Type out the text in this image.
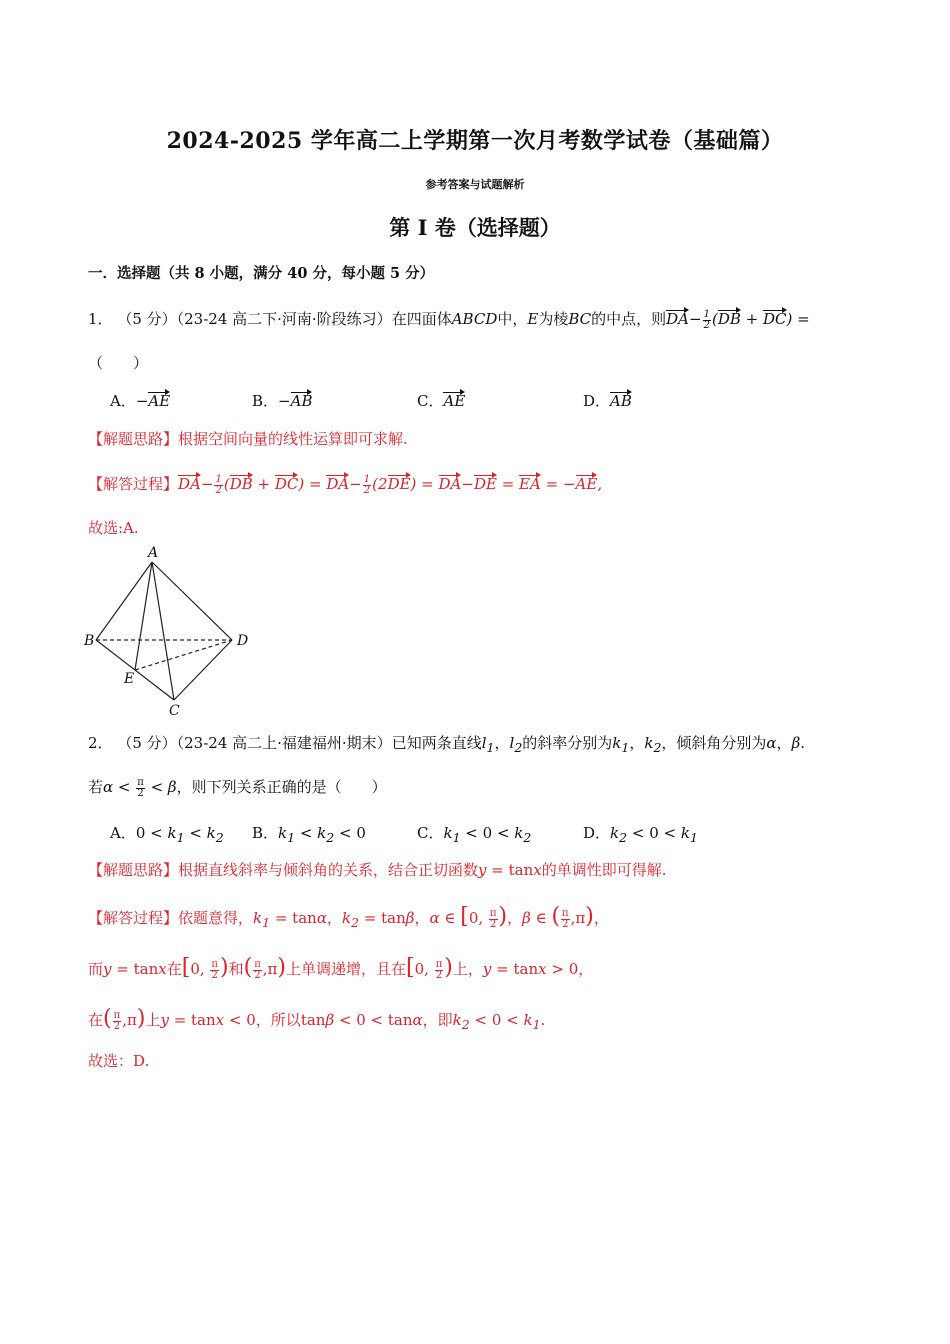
2024-2025 学年高二上学期第一次月考数学试卷（基础篇）
参考答案与试题解析
第 I 卷（选择题）
一．选择题（共 8 小题，满分 40 分，每小题 5 分）
1． （5 分）（23-24 高二下·河南·阶段练习）在四面体ABCD中，E为棱BC的中点，则$DA- \frac{1}{2} (DB + DC)$ =
（　　）
A．−AE	B．−AB	C．AE	D．AB
【解题思路】根据空间向量的线性运算即可求解.
【解答过程】$DA- \frac{1}{2} (DB + DC) = DA- \frac{1}{2} (2DE) = DA-DE$ = EA = −AE,
故选:A.
A
B	D
E
C
2． （5 分）（23-24 高二上·福建福州·期末）已知两条直线$l_1$，$l_2$的斜率分别为$k_1$，$k_2$，倾斜角分别为α，β.
若$\alpha < \frac{\pi}{2} < \beta$，则下列关系正确的是（　　）
A．$0 < k_1 < k_2$ B．$k_1 < k_2 < 0$	C．$k_1 < 0 < k_2$	D．$k_2 < 0 < k_1$
【解题思路】根据直线斜率与倾斜角的关系，结合正切函数y = tanx的单调性即可得解.
【解答过程】依题意得，$k_1 = \tan\alpha$，$k_2 = \tan\beta$，α ∈ [0, $\frac{\pi}{2}$ )，β ∈ ( $\frac{\pi}{2} ,\pi$)，
而y = tanx在[0, $\frac{\pi}{2}$ )和( $\frac{\pi}{2} ,\pi$)上单调递增，且在[0, $\frac{\pi}{2}$ )上，y = tanx > 0，
在( $\frac{\pi}{2} ,\pi$)上y = tanx < 0，所以tanβ < 0 < tanα，即$k_2 < 0 < k_1$.
故选：D.
